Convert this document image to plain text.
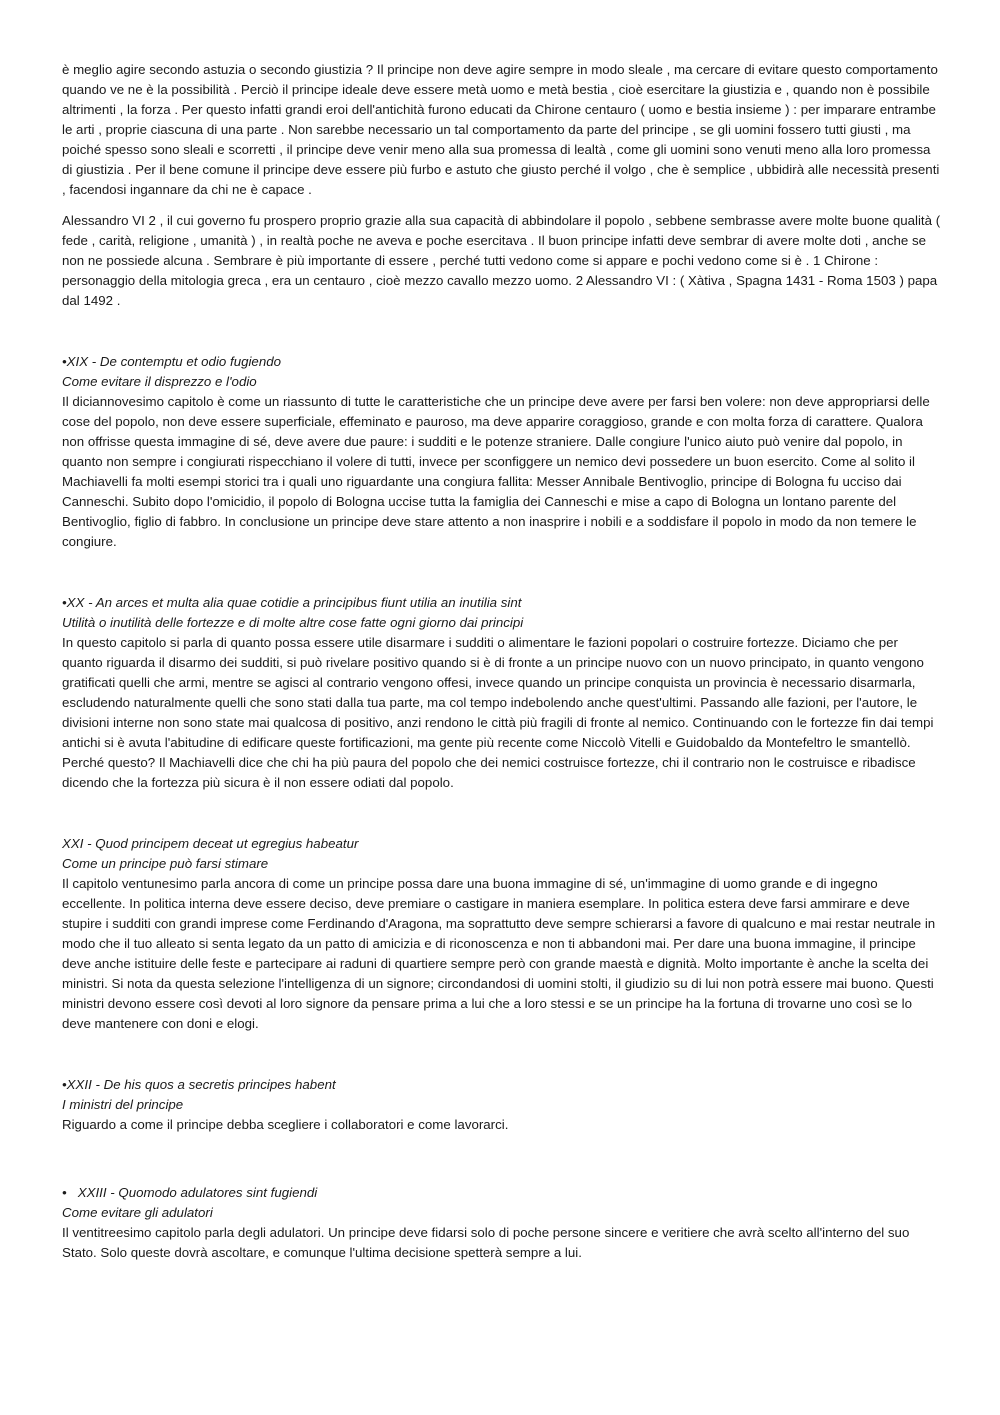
è meglio agire secondo astuzia o secondo giustizia ? Il principe non deve agire sempre in modo sleale , ma cercare di evitare questo comportamento quando ve ne è la possibilità . Perciò il principe ideale deve essere metà uomo e metà bestia , cioè esercitare la giustizia e , quando non è possibile altrimenti , la forza . Per questo infatti grandi eroi dell'antichità furono educati da Chirone centauro ( uomo e bestia insieme ) : per imparare entrambe le arti , proprie ciascuna di una parte . Non sarebbe necessario un tal comportamento da parte del principe , se gli uomini fossero tutti giusti , ma poiché spesso sono sleali e scorretti , il principe deve venir meno alla sua promessa di lealtà , come gli uomini sono venuti meno alla loro promessa di giustizia . Per il bene comune il principe deve essere più furbo e astuto che giusto perché il volgo , che è semplice , ubbidirà alle necessità presenti , facendosi ingannare da chi ne è capace .

Alessandro VI 2 , il cui governo fu prospero proprio grazie alla sua capacità di abbindolare il popolo , sebbene sembrasse avere molte buone qualità ( fede , carità, religione , umanità ) , in realtà poche ne aveva e poche esercitava . Il buon principe infatti deve sembrar di avere molte doti , anche se non ne possiede alcuna . Sembrare è più importante di essere , perché tutti vedono come si appare e pochi vedono come si è . 1 Chirone : personaggio della mitologia greca , era un centauro , cioè mezzo cavallo mezzo uomo. 2 Alessandro VI : ( Xàtiva , Spagna 1431 - Roma 1503 ) papa dal 1492 .

•XIX - De contemptu et odio fugiendo

Come evitare il disprezzo e l'odio

Il diciannovesimo capitolo è come un riassunto di tutte le caratteristiche che un principe deve avere per farsi ben volere: non deve appropriarsi delle cose del popolo, non deve essere superficiale, effeminato e pauroso, ma deve apparire coraggioso, grande e con molta forza di carattere. Qualora non offrisse questa immagine di sé, deve avere due paure: i sudditi e le potenze straniere. Dalle congiure l'unico aiuto può venire dal popolo, in quanto non sempre i congiurati rispecchiano il volere di tutti, invece per sconfiggere un nemico devi possedere un buon esercito. Come al solito il Machiavelli fa molti esempi storici tra i quali uno riguardante una congiura fallita: Messer Annibale Bentivoglio, principe di Bologna fu ucciso dai Canneschi. Subito dopo l'omicidio, il popolo di Bologna uccise tutta la famiglia dei Canneschi e mise a capo di Bologna un lontano parente del Bentivoglio, figlio di fabbro. In conclusione un principe deve stare attento a non inasprire i nobili e a soddisfare il popolo in modo da non temere le congiure.

•XX - An arces et multa alia quae cotidie a principibus fiunt utilia an inutilia sint

Utilità o inutilità delle fortezze e di molte altre cose fatte ogni giorno dai principi

In questo capitolo si parla di quanto possa essere utile disarmare i sudditi o alimentare le fazioni popolari o costruire fortezze. Diciamo che per quanto riguarda il disarmo dei sudditi, si può rivelare positivo quando si è di fronte a un principe nuovo con un nuovo principato, in quanto vengono gratificati quelli che armi, mentre se agisci al contrario vengono offesi, invece quando un principe conquista un provincia è necessario disarmarla, escludendo naturalmente quelli che sono stati dalla tua parte, ma col tempo indebolendo anche quest'ultimi. Passando alle fazioni, per l'autore, le divisioni interne non sono state mai qualcosa di positivo, anzi rendono le città più fragili di fronte al nemico. Continuando con le fortezze fin dai tempi antichi si è avuta l'abitudine di edificare queste fortificazioni, ma gente più recente come Niccolò Vitelli e Guidobaldo da Montefeltro le smantellò. Perché questo? Il Machiavelli dice che chi ha più paura del popolo che dei nemici costruisce fortezze, chi il contrario non le costruisce e ribadisce dicendo che la fortezza più sicura è il non essere odiati dal popolo.

XXI - Quod principem deceat ut egregius habeatur

Come un principe può farsi stimare

Il capitolo ventunesimo parla ancora di come un principe possa dare una buona immagine di sé, un'immagine di uomo grande e di ingegno eccellente. In politica interna deve essere deciso, deve premiare o castigare in maniera esemplare. In politica estera deve farsi ammirare e deve stupire i sudditi con grandi imprese come Ferdinando d'Aragona, ma soprattutto deve sempre schierarsi a favore di qualcuno e mai restar neutrale in modo che il tuo alleato si senta legato da un patto di amicizia e di riconoscenza e non ti abbandoni mai. Per dare una buona immagine, il principe deve anche istituire delle feste e partecipare ai raduni di quartiere sempre però con grande maestà e dignità. Molto importante è anche la scelta dei ministri. Si nota da questa selezione l'intelligenza di un signore; circondandosi di uomini stolti, il giudizio su di lui non potrà essere mai buono. Questi ministri devono essere così devoti al loro signore da pensare prima a lui che a loro stessi e se un principe ha la fortuna di trovarne uno così se lo deve mantenere con doni e elogi.

•XXII - De his quos a secretis principes habent

I ministri del principe

Riguardo a come il principe debba scegliere i collaboratori e come lavorarci.

•   XXIII - Quomodo adulatores sint fugiendi

Come evitare gli adulatori

Il ventitreesimo capitolo parla degli adulatori. Un principe deve fidarsi solo di poche persone sincere e veritiere che avrà scelto all'interno del suo Stato. Solo queste dovrà ascoltare, e comunque l'ultima decisione spetterà sempre a lui.
